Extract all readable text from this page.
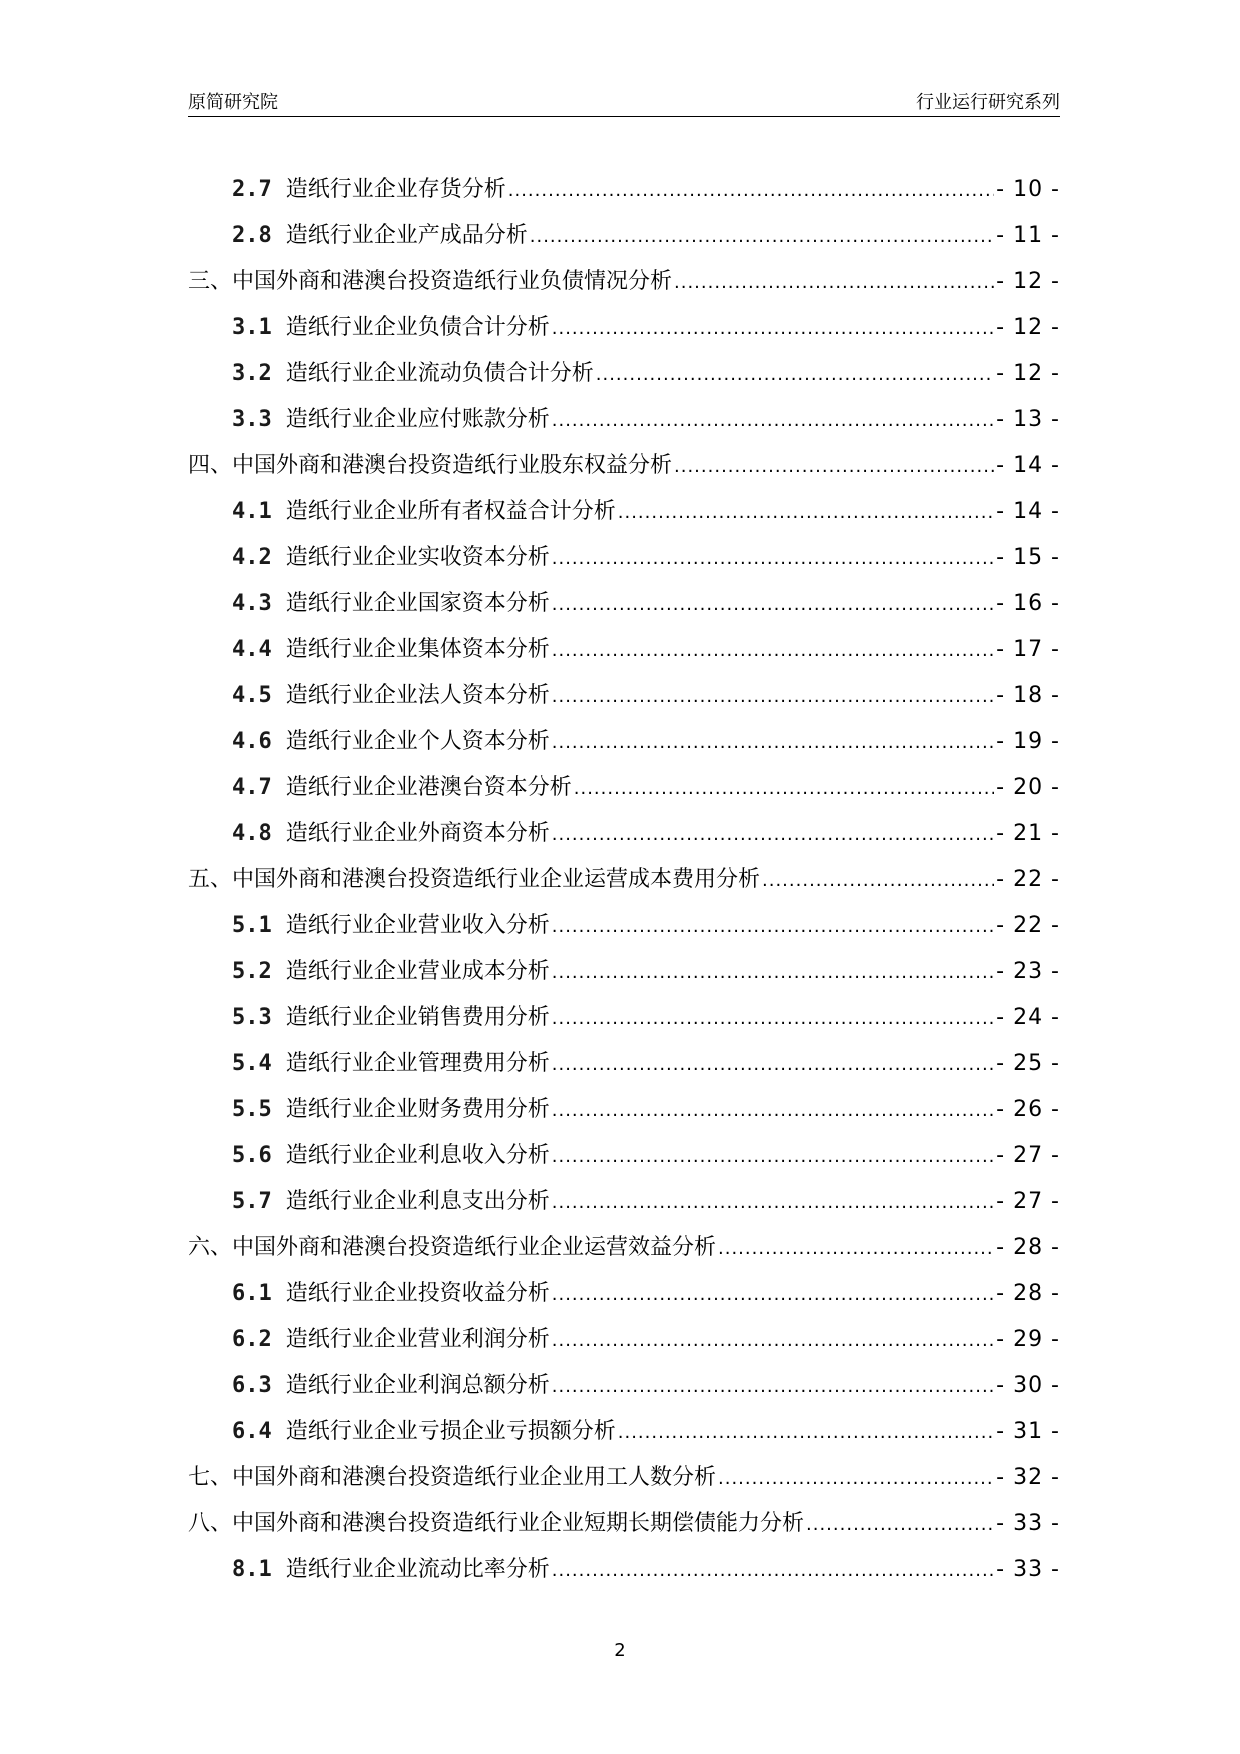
原简研究院	行业运行研究系列
2.7 造纸行业企业存货分析 .....	- 10 -
2.8 造纸行业企业产成品分析 .....	- 11 -
三、中国外商和港澳台投资造纸行业负债情况分析 .....	- 12 -
3.1 造纸行业企业负债合计分析 .....	- 12 -
3.2 造纸行业企业流动负债合计分析 .....	- 12 -
3.3 造纸行业企业应付账款分析 .....	- 13 -
四、中国外商和港澳台投资造纸行业股东权益分析 .....	- 14 -
4.1 造纸行业企业所有者权益合计分析 .....	- 14 -
4.2 造纸行业企业实收资本分析 .....	- 15 -
4.3 造纸行业企业国家资本分析 .....	- 16 -
4.4 造纸行业企业集体资本分析 .....	- 17 -
4.5 造纸行业企业法人资本分析 .....	- 18 -
4.6 造纸行业企业个人资本分析 .....	- 19 -
4.7 造纸行业企业港澳台资本分析 .....	- 20 -
4.8 造纸行业企业外商资本分析 .....	- 21 -
五、中国外商和港澳台投资造纸行业企业运营成本费用分析 .....	- 22 -
5.1 造纸行业企业营业收入分析 .....	- 22 -
5.2 造纸行业企业营业成本分析 .....	- 23 -
5.3 造纸行业企业销售费用分析 .....	- 24 -
5.4 造纸行业企业管理费用分析 .....	- 25 -
5.5 造纸行业企业财务费用分析 .....	- 26 -
5.6 造纸行业企业利息收入分析 .....	- 27 -
5.7 造纸行业企业利息支出分析 .....	- 27 -
六、中国外商和港澳台投资造纸行业企业运营效益分析 .....	- 28 -
6.1 造纸行业企业投资收益分析 .....	- 28 -
6.2 造纸行业企业营业利润分析 .....	- 29 -
6.3 造纸行业企业利润总额分析 .....	- 30 -
6.4 造纸行业企业亏损企业亏损额分析 .....	- 31 -
七、中国外商和港澳台投资造纸行业企业用工人数分析 .....	- 32 -
八、中国外商和港澳台投资造纸行业企业短期长期偿债能力分析 .....	- 33 -
8.1 造纸行业企业流动比率分析 .....	- 33 -
2
